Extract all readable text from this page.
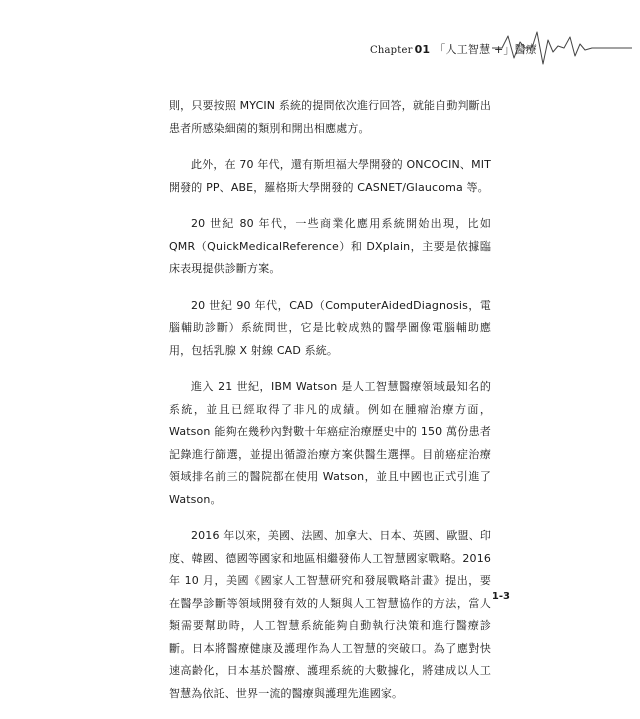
Chapter 01 「人工智慧 +」醫療

則，只要按照 MYCIN 系統的提問依次進行回答，就能自動判斷出患者所感染細菌的類別和開出相應處方。

此外，在 70 年代，還有斯坦福大學開發的 ONCOCIN、MIT 開發的 PP、ABE，羅格斯大學開發的 CASNET/Glaucoma 等。

20 世紀 80 年代，一些商業化應用系統開始出現，比如 QMR（QuickMedicalReference）和 DXplain，主要是依據臨床表現提供診斷方案。

20 世紀 90 年代，CAD（ComputerAidedDiagnosis，電腦輔助診斷）系統問世，它是比較成熟的醫學圖像電腦輔助應用，包括乳腺 X 射線 CAD 系統。

進入 21 世紀，IBM Watson 是人工智慧醫療領域最知名的系統，並且已經取得了非凡的成績。例如在腫瘤治療方面，Watson 能夠在幾秒內對數十年癌症治療歷史中的 150 萬份患者記錄進行篩選，並提出循證治療方案供醫生選擇。目前癌症治療領域排名前三的醫院都在使用 Watson，並且中國也正式引進了 Watson。

2016 年以來，美國、法國、加拿大、日本、英國、歐盟、印度、韓國、德國等國家和地區相繼發佈人工智慧國家戰略。2016 年 10 月，美國《國家人工智慧研究和發展戰略計畫》提出，要在醫學診斷等領域開發有效的人類與人工智慧協作的方法，當人類需要幫助時，人工智慧系統能夠自動執行決策和進行醫療診斷。日本將醫療健康及護理作為人工智慧的突破口。為了應對快速高齡化，日本基於醫療、護理系統的大數據化，將建成以人工智慧為依託、世界一流的醫療與護理先進國家。

1-3
